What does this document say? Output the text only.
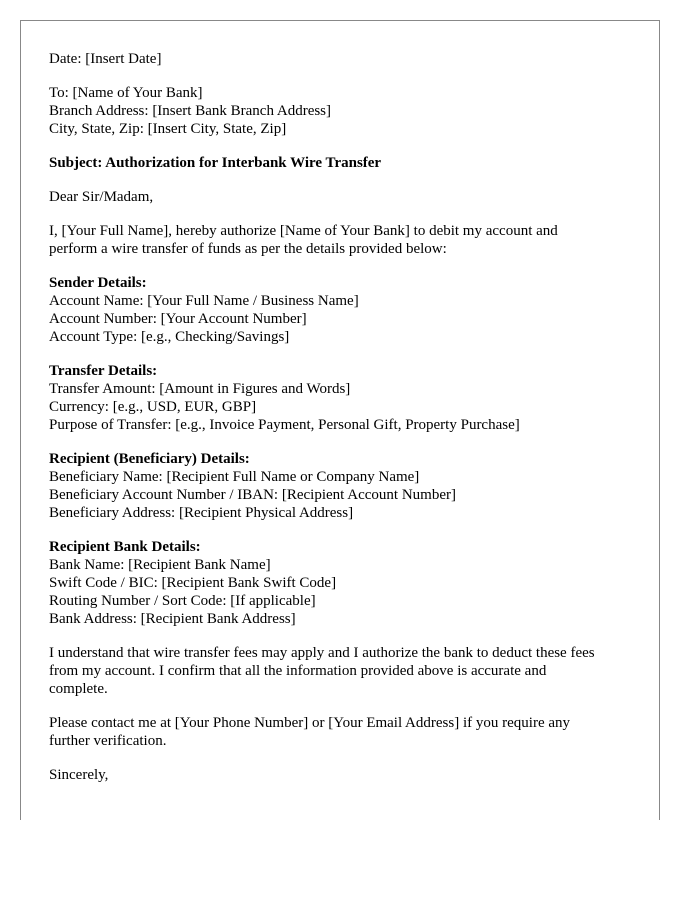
Date: [Insert Date]
To: [Name of Your Bank]
Branch Address: [Insert Bank Branch Address]
City, State, Zip: [Insert City, State, Zip]
Subject: Authorization for Interbank Wire Transfer
Dear Sir/Madam,
I, [Your Full Name], hereby authorize [Name of Your Bank] to debit my account and
perform a wire transfer of funds as per the details provided below:
Sender Details:
Account Name: [Your Full Name / Business Name]
Account Number: [Your Account Number]
Account Type: [e.g., Checking/Savings]
Transfer Details:
Transfer Amount: [Amount in Figures and Words]
Currency: [e.g., USD, EUR, GBP]
Purpose of Transfer: [e.g., Invoice Payment, Personal Gift, Property Purchase]
Recipient (Beneficiary) Details:
Beneficiary Name: [Recipient Full Name or Company Name]
Beneficiary Account Number / IBAN: [Recipient Account Number]
Beneficiary Address: [Recipient Physical Address]
Recipient Bank Details:
Bank Name: [Recipient Bank Name]
Swift Code / BIC: [Recipient Bank Swift Code]
Routing Number / Sort Code: [If applicable]
Bank Address: [Recipient Bank Address]
I understand that wire transfer fees may apply and I authorize the bank to deduct these fees
from my account. I confirm that all the information provided above is accurate and
complete.
Please contact me at [Your Phone Number] or [Your Email Address] if you require any
further verification.
Sincerely,
